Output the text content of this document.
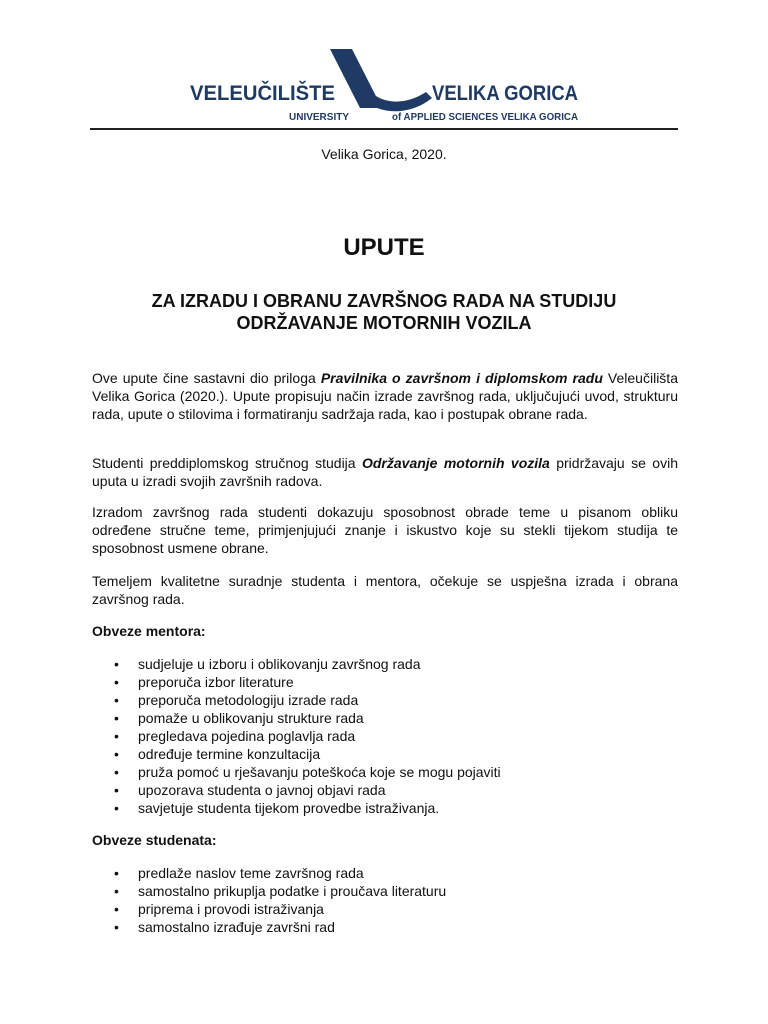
VELEUČILIŠTE	VELIKA GORICA
UNIVERSITY	of APPLIED SCIENCES VELIKA GORICA
Velika Gorica, 2020.
UPUTE
ZA IZRADU I OBRANU ZAVRŠNOG RADA NA STUDIJU
ODRŽAVANJE MOTORNIH VOZILA
Ove upute čine sastavni dio priloga Pravilnika o završnom i diplomskom radu Veleučilišta Velika Gorica (2020.). Upute propisuju način izrade završnog rada, uključujući uvod, strukturu rada, upute o stilovima i formatiranju sadržaja rada, kao i postupak obrane rada.
Studenti preddiplomskog stručnog studija Održavanje motornih vozila pridržavaju se ovih uputa u izradi svojih završnih radova.
Izradom završnog rada studenti dokazuju sposobnost obrade teme u pisanom obliku određene stručne teme, primjenjujući znanje i iskustvo koje su stekli tijekom studija te sposobnost usmene obrane.
Temeljem kvalitetne suradnje studenta i mentora, očekuje se uspješna izrada i obrana završnog rada.
Obveze mentora:
• sudjeluje u izboru i oblikovanju završnog rada
• preporuča izbor literature
• preporuča metodologiju izrade rada
• pomaže u oblikovanju strukture rada
• pregledava pojedina poglavlja rada
• određuje termine konzultacija
• pruža pomoć u rješavanju poteškoća koje se mogu pojaviti
• upozorava studenta o javnoj objavi rada
• savjetuje studenta tijekom provedbe istraživanja.
Obveze studenata:
• predlaže naslov teme završnog rada
• samostalno prikuplja podatke i proučava literaturu
• priprema i provodi istraživanja
• samostalno izrađuje završni rad
